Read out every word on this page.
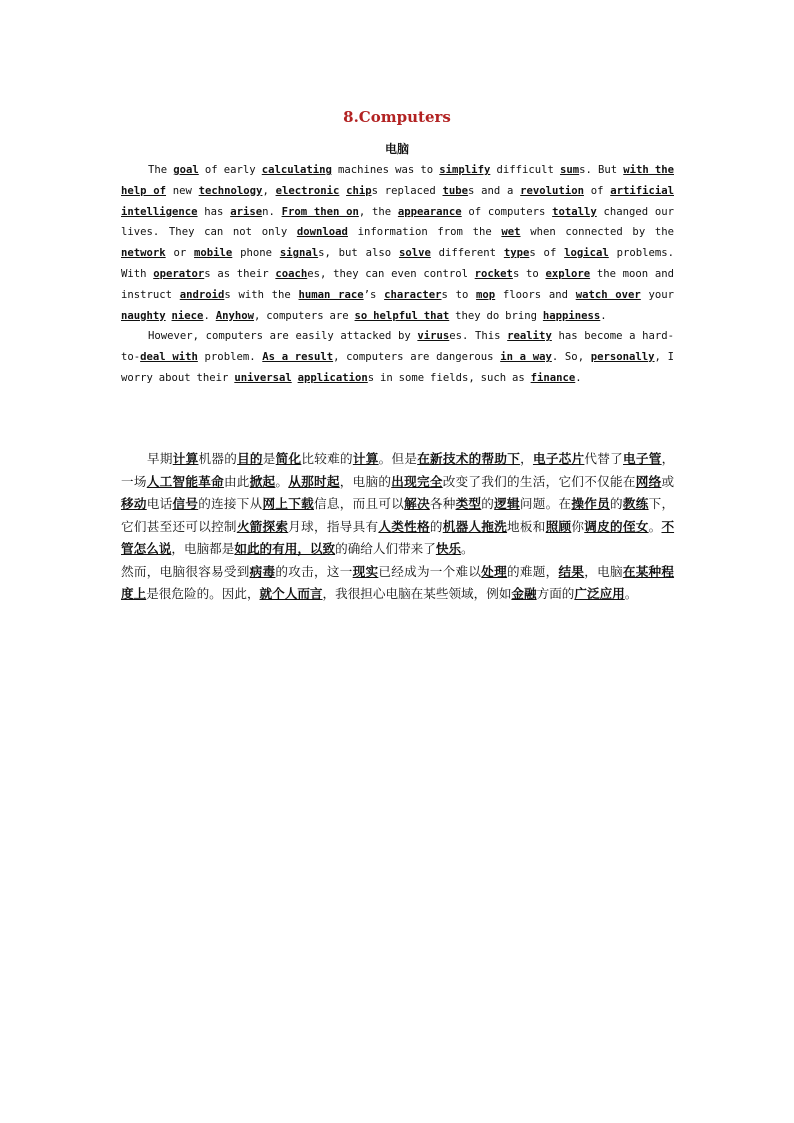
8.Computers
电脑

The goal of early calculating machines was to simplify difficult sums. But with the help of new technology, electronic chips replaced tubes and a revolution of artificial intelligence has arisen. From then on, the appearance of computers totally changed our lives. They can not only download information from the wet when connected by the network or mobile phone signals, but also solve different types of logical problems. With operators as their coaches, they can even control rockets to explore the moon and instruct androids with the human race’s characters to mop floors and watch over your naughty niece. Anyhow, computers are so helpful that they do bring happiness.

However, computers are easily attacked by viruses. This reality has become a hard-to-deal with problem. As a result, computers are dangerous in a way. So, personally, I worry about their universal applications in some fields, such as finance.

早期计算机器的目的是简化比较难的计算。但是在新技术的帮助下，电子芯片代替了电子管，一场人工智能革命由此掀起。从那时起，电脑的出现完全改变了我们的生活，它们不仅能在网络或移动电话信号的连接下从网上下载信息，而且可以解决各种类型的逻辑问题。在操作员的教练下，它们甚至还可以控制火箭探索月球，指导具有人类性格的机器人拖洗地板和照顾你调皮的侄女。不管怎么说，电脑都是如此的有用，以致的确给人们带来了快乐。

然而，电脑很容易受到病毒的攻击，这一现实已经成为一个难以处理的难题，结果，电脑在某种程度上是很危险的。因此，就个人而言，我很担心电脑在某些领域，例如金融方面的广泛应用。
